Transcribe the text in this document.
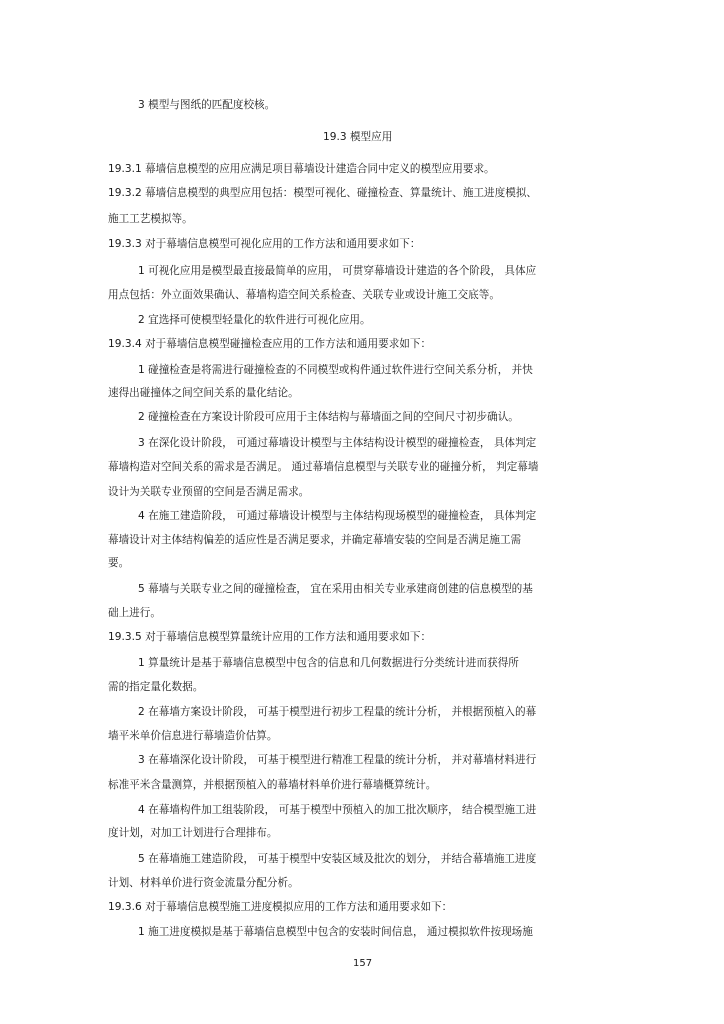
3 模型与图纸的匹配度校核。
19.3 模型应用
19.3.1 幕墙信息模型的应用应满足项目幕墙设计建造合同中定义的模型应用要求。
19.3.2 幕墙信息模型的典型应用包括：模型可视化、碰撞检查、算量统计、施工进度模拟、
施工工艺模拟等。
19.3.3 对于幕墙信息模型可视化应用的工作方法和通用要求如下：
1 可视化应用是模型最直接最简单的应用， 可贯穿幕墙设计建造的各个阶段， 具体应
用点包括：外立面效果确认、幕墙构造空间关系检查、关联专业或设计施工交底等。
2 宜选择可使模型轻量化的软件进行可视化应用。
19.3.4 对于幕墙信息模型碰撞检查应用的工作方法和通用要求如下：
1 碰撞检查是将需进行碰撞检查的不同模型或构件通过软件进行空间关系分析， 并快
速得出碰撞体之间空间关系的量化结论。
2 碰撞检查在方案设计阶段可应用于主体结构与幕墙面之间的空间尺寸初步确认。
3 在深化设计阶段， 可通过幕墙设计模型与主体结构设计模型的碰撞检查， 具体判定
幕墙构造对空间关系的需求是否满足。 通过幕墙信息模型与关联专业的碰撞分析， 判定幕墙
设计为关联专业预留的空间是否满足需求。
4 在施工建造阶段， 可通过幕墙设计模型与主体结构现场模型的碰撞检查， 具体判定
幕墙设计对主体结构偏差的适应性是否满足要求，并确定幕墙安装的空间是否满足施工需
要。
5 幕墙与关联专业之间的碰撞检查， 宜在采用由相关专业承建商创建的信息模型的基
础上进行。
19.3.5 对于幕墙信息模型算量统计应用的工作方法和通用要求如下：
1 算量统计是基于幕墙信息模型中包含的信息和几何数据进行分类统计进而获得所
需的指定量化数据。
2 在幕墙方案设计阶段， 可基于模型进行初步工程量的统计分析， 并根据预植入的幕
墙平米单价信息进行幕墙造价估算。
3 在幕墙深化设计阶段， 可基于模型进行精准工程量的统计分析， 并对幕墙材料进行
标准平米含量测算，并根据预植入的幕墙材料单价进行幕墙概算统计。
4 在幕墙构件加工组装阶段， 可基于模型中预植入的加工批次顺序， 结合模型施工进
度计划，对加工计划进行合理排布。
5 在幕墙施工建造阶段， 可基于模型中安装区域及批次的划分， 并结合幕墙施工进度
计划、材料单价进行资金流量分配分析。
19.3.6 对于幕墙信息模型施工进度模拟应用的工作方法和通用要求如下：
1 施工进度模拟是基于幕墙信息模型中包含的安装时间信息， 通过模拟软件按现场施
157
